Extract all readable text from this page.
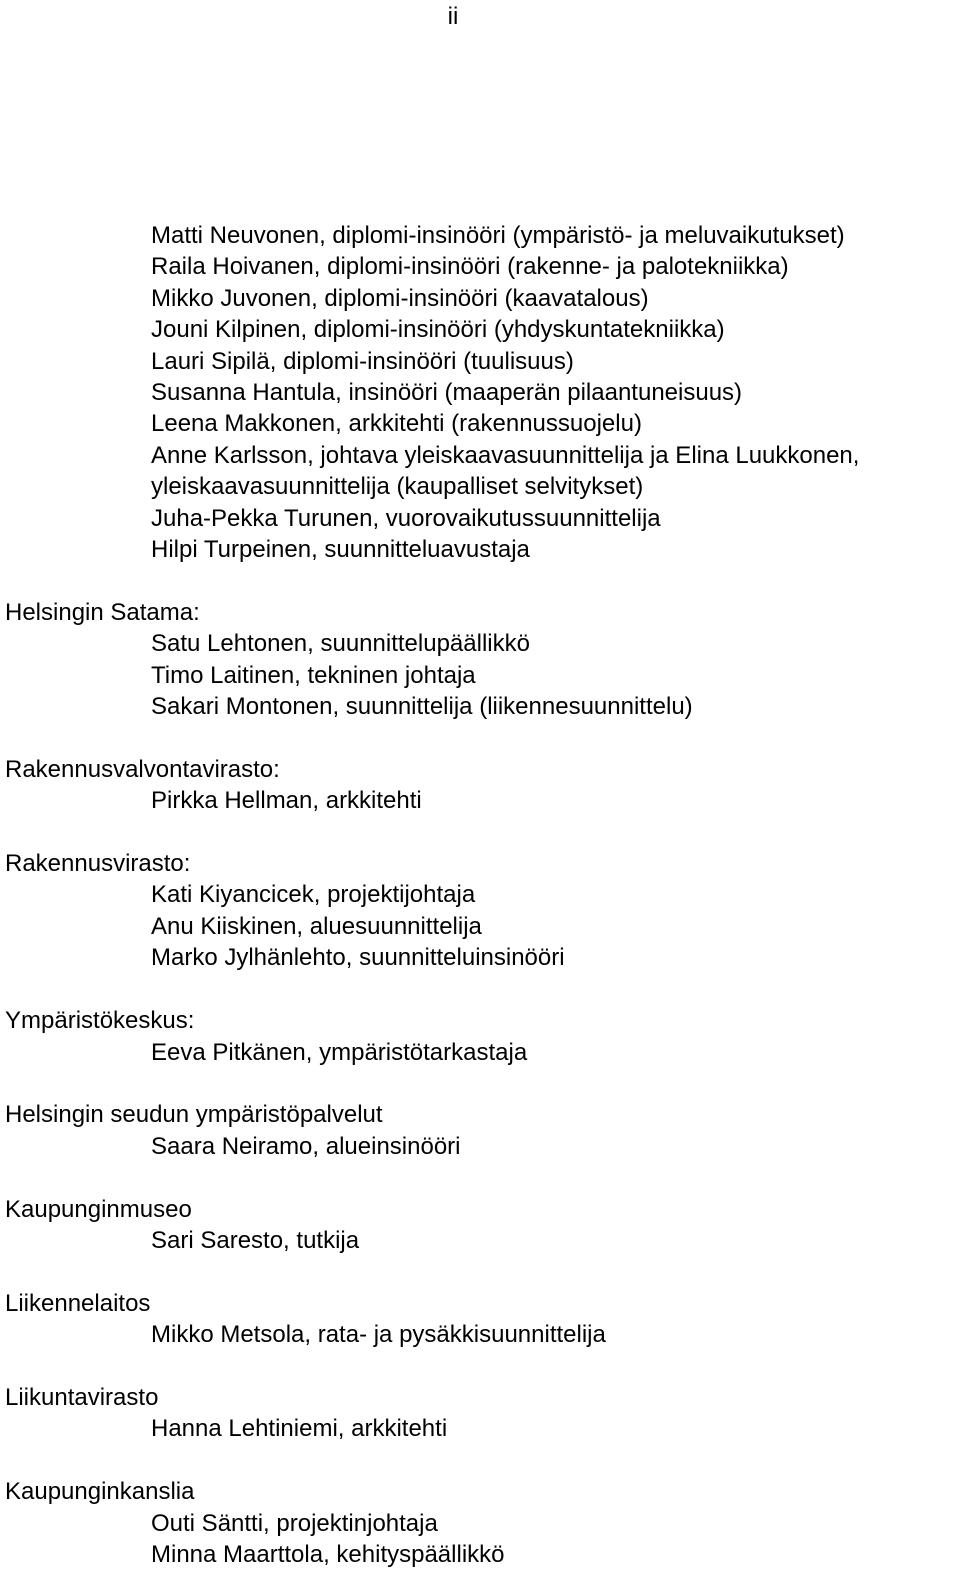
ii
Matti Neuvonen, diplomi-insinööri (ympäristö- ja meluvaikutukset)
Raila Hoivanen, diplomi-insinööri (rakenne- ja palotekniikka)
Mikko Juvonen, diplomi-insinööri (kaavatalous)
Jouni Kilpinen, diplomi-insinööri (yhdyskuntatekniikka)
Lauri Sipilä, diplomi-insinööri (tuulisuus)
Susanna Hantula, insinööri (maaperän pilaantuneisuus)
Leena Makkonen, arkkitehti (rakennussuojelu)
Anne Karlsson, johtava yleiskaavasuunnittelija ja Elina Luukkonen,
yleiskaavasuunnittelija (kaupalliset selvitykset)
Juha-Pekka Turunen, vuorovaikutussuunnittelija
Hilpi Turpeinen, suunnitteluavustaja
Helsingin Satama:
Satu Lehtonen, suunnittelupäällikkö
Timo Laitinen, tekninen johtaja
Sakari Montonen, suunnittelija (liikennesuunnittelu)
Rakennusvalvontavirasto:
Pirkka Hellman, arkkitehti
Rakennusvirasto:
Kati Kiyancicek, projektijohtaja
Anu Kiiskinen, aluesuunnittelija
Marko Jylhänlehto, suunnitteluinsinööri
Ympäristökeskus:
Eeva Pitkänen, ympäristötarkastaja
Helsingin seudun ympäristöpalvelut
Saara Neiramo, alueinsinööri
Kaupunginmuseo
Sari Saresto, tutkija
Liikennelaitos
Mikko Metsola, rata- ja pysäkkisuunnittelija
Liikuntavirasto
Hanna Lehtiniemi, arkkitehti
Kaupunginkanslia
Outi Säntti, projektinjohtaja
Minna Maarttola, kehityspäällikkö
